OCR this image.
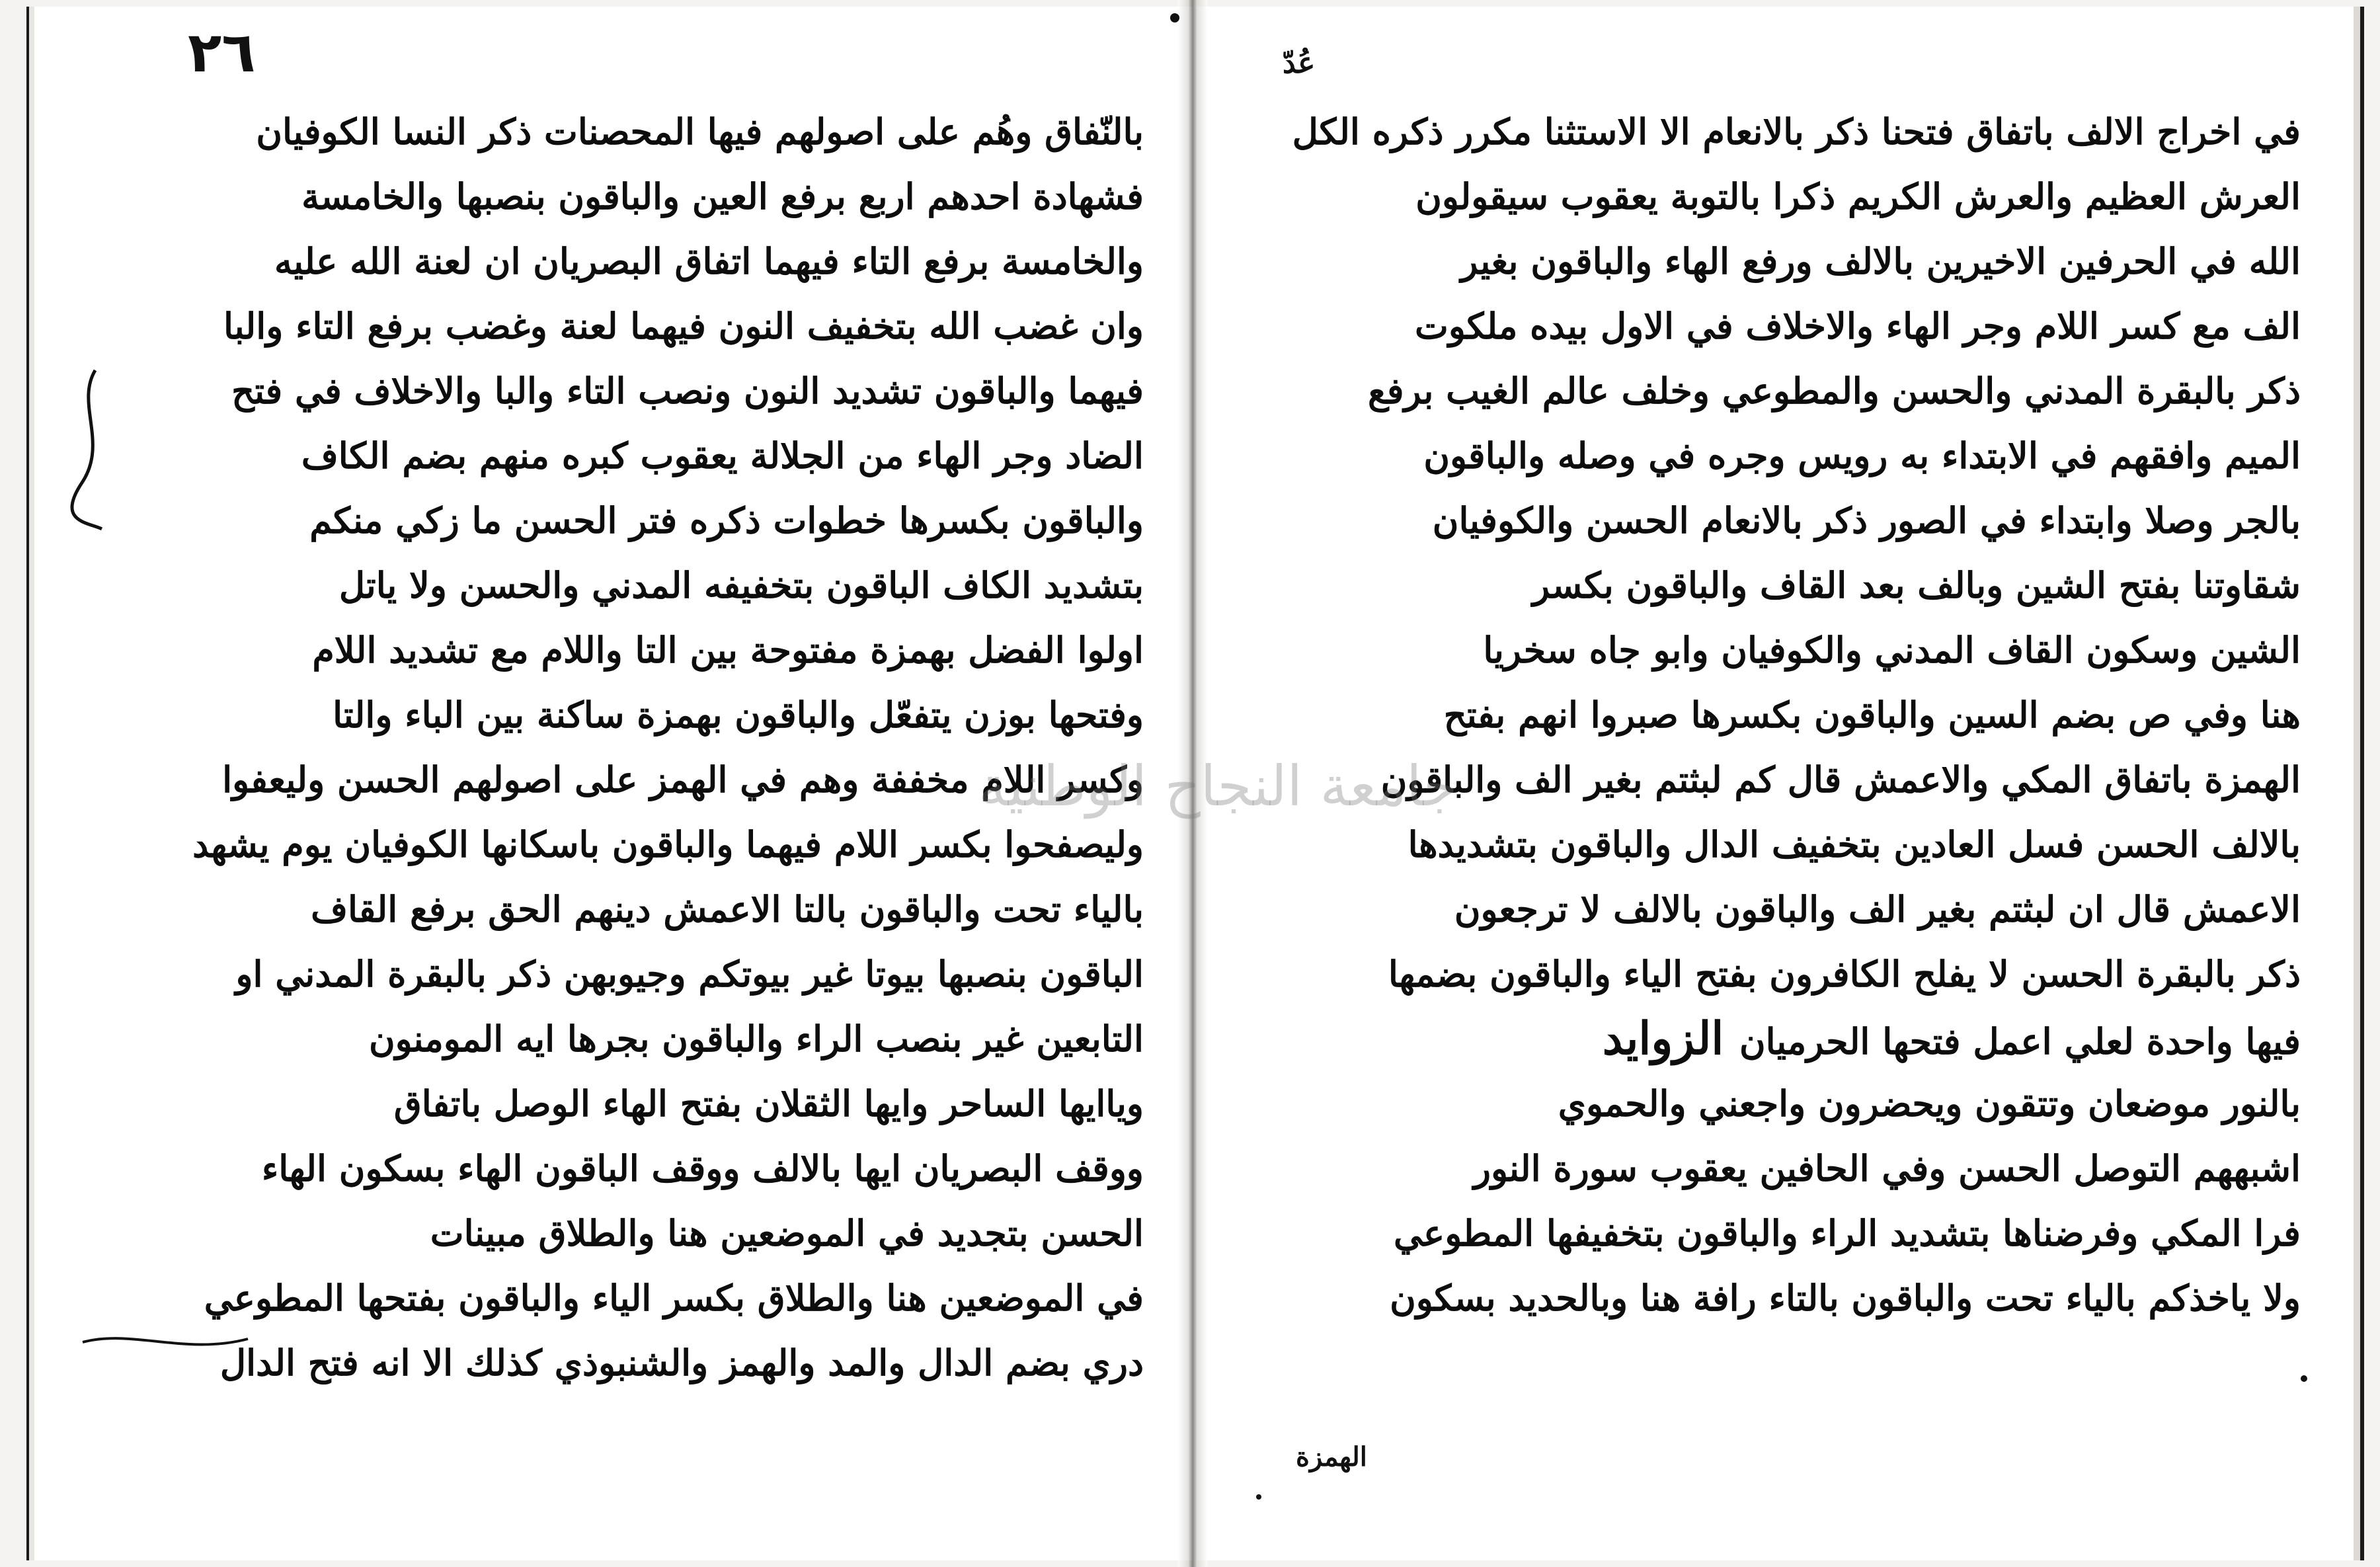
٢٦
بالنّفاق وهُم على اصولهم فيها المحصنات ذكر النسا الكوفيان
فشهادة احدهم اربع برفع العين والباقون بنصبها والخامسة
والخامسة برفع التاء فيهما اتفاق البصريان ان لعنة الله عليه
وان غضب الله بتخفيف النون فيهما لعنة وغضب برفع التاء والبا
فيهما والباقون تشديد النون ونصب التاء والبا والاخلاف في فتح
الضاد وجر الهاء من الجلالة يعقوب كبره منهم بضم الكاف
والباقون بكسرها خطوات ذكره فتر الحسن ما زكي منكم
بتشديد الكاف الباقون بتخفيفه المدني والحسن ولا ياتل
اولوا الفضل بهمزة مفتوحة بين التا واللام مع تشديد اللام
وفتحها بوزن يتفعّل والباقون بهمزة ساكنة بين الباء والتا
وكسر اللام مخففة وهم في الهمز على اصولهم الحسن وليعفوا
وليصفحوا بكسر اللام فيهما والباقون باسكانها الكوفيان يوم يشهد
بالياء تحت والباقون بالتا الاعمش دينهم الحق برفع القاف
الباقون بنصبها بيوتا غير بيوتكم وجيوبهن ذكر بالبقرة المدني او
التابعين غير بنصب الراء والباقون بجرها ايه المومنون
وياايها الساحر وايها الثقلان بفتح الهاء الوصل باتفاق
ووقف البصريان ايها بالالف ووقف الباقون الهاء بسكون الهاء
الحسن بتجديد في الموضعين هنا والطلاق مبينات
في الموضعين هنا والطلاق بكسر الياء والباقون بفتحها المطوعي
دري بضم الدال والمد والهمز والشنبوذي كذلك الا انه فتح الدال
في اخراج الالف باتفاق فتحنا ذكر بالانعام الا الاستثنا مكرر ذكره الكل
العرش العظيم والعرش الكريم ذكرا بالتوبة يعقوب سيقولون
الله في الحرفين الاخيرين بالالف ورفع الهاء والباقون بغير
الف مع كسر اللام وجر الهاء والاخلاف في الاول بيده ملكوت
ذكر بالبقرة المدني والحسن والمطوعي وخلف عالم الغيب برفع
الميم وافقهم في الابتداء به رويس وجره في وصله والباقون
بالجر وصلا وابتداء في الصور ذكر بالانعام الحسن والكوفيان
شقاوتنا بفتح الشين وبالف بعد القاف والباقون بكسر
الشين وسكون القاف المدني والكوفيان وابو جاه سخريا
هنا وفي ص بضم السين والباقون بكسرها صبروا انهم بفتح
الهمزة باتفاق المكي والاعمش قال كم لبثتم بغير الف والباقون
بالالف الحسن فسل العادين بتخفيف الدال والباقون بتشديدها
الاعمش قال ان لبثتم بغير الف والباقون بالالف لا ترجعون
ذكر بالبقرة الحسن لا يفلح الكافرون بفتح الياء والباقون بضمها
فيها واحدة لعلي اعمل فتحها الحرميان الزوايد
بالنور موضعان وتتقون ويحضرون واجعني والحموي
اشبههم التوصل الحسن وفي الحافين يعقوب سورة النور
فرا المكي وفرضناها بتشديد الراء والباقون بتخفيفها المطوعي
ولا ياخذكم بالياء تحت والباقون بالتاء رافة هنا وبالحديد بسكون
عُدّ
الهمزة
جامعة النجاح الوطنية
